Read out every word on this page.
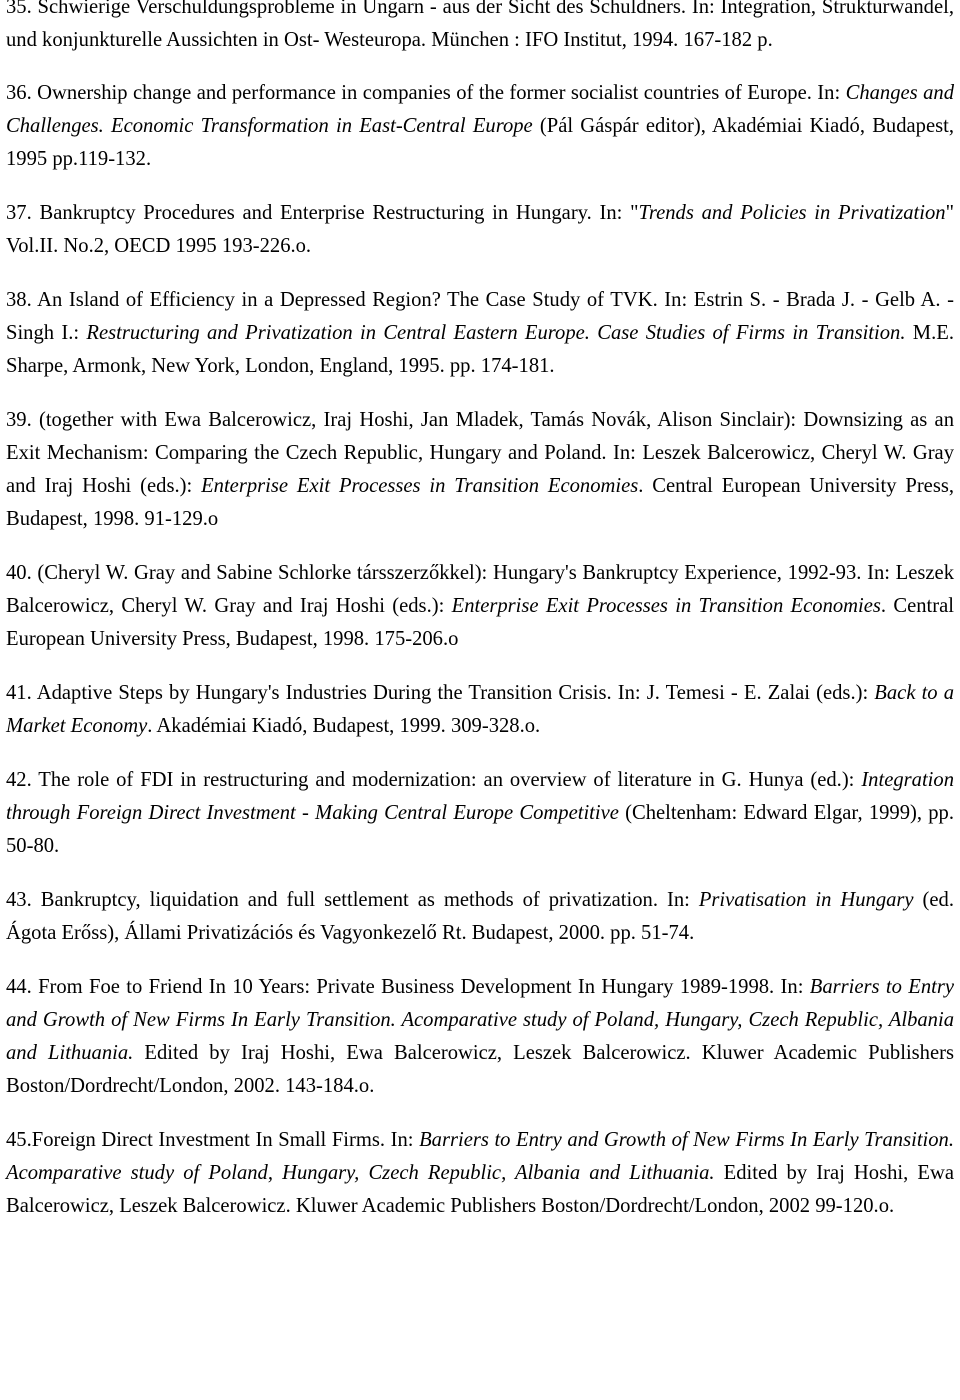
35. Schwierige Verschuldungsprobleme in Ungarn - aus der Sicht des Schuldners. In: Integration, Strukturwandel, und konjunkturelle Aussichten in Ost- Westeuropa. München : IFO Institut, 1994. 167-182 p.

36. Ownership change and performance in companies of the former socialist countries of Europe. In: Changes and Challenges. Economic Transformation in East-Central Europe (Pál Gáspár editor), Akadémiai Kiadó, Budapest, 1995 pp.119-132.

37. Bankruptcy Procedures and Enterprise Restructuring in Hungary. In: "Trends and Policies in Privatization" Vol.II. No.2, OECD 1995 193-226.o.

38. An Island of Efficiency in a Depressed Region? The Case Study of TVK. In: Estrin S. - Brada J. - Gelb A. - Singh I.: Restructuring and Privatization in Central Eastern Europe. Case Studies of Firms in Transition. M.E. Sharpe, Armonk, New York, London, England, 1995. pp. 174-181.

39. (together with Ewa Balcerowicz, Iraj Hoshi, Jan Mladek, Tamás Novák, Alison Sinclair): Downsizing as an Exit Mechanism: Comparing the Czech Republic, Hungary and Poland. In: Leszek Balcerowicz, Cheryl W. Gray and Iraj Hoshi (eds.): Enterprise Exit Processes in Transition Economies. Central European University Press, Budapest, 1998. 91-129.o

40. (Cheryl W. Gray and Sabine Schlorke társszerzőkkel): Hungary's Bankruptcy Experience, 1992-93. In: Leszek Balcerowicz, Cheryl W. Gray and Iraj Hoshi (eds.): Enterprise Exit Processes in Transition Economies. Central European University Press, Budapest, 1998. 175-206.o

41. Adaptive Steps by Hungary's Industries During the Transition Crisis. In: J. Temesi - E. Zalai (eds.): Back to a Market Economy. Akadémiai Kiadó, Budapest, 1999. 309-328.o.

42. The role of FDI in restructuring and modernization: an overview of literature in G. Hunya (ed.): Integration through Foreign Direct Investment - Making Central Europe Competitive (Cheltenham: Edward Elgar, 1999), pp. 50-80.

43. Bankruptcy, liquidation and full settlement as methods of privatization. In: Privatisation in Hungary (ed. Ágota Erőss), Állami Privatizációs és Vagyonkezelő Rt. Budapest, 2000. pp. 51-74.

44. From Foe to Friend In 10 Years: Private Business Development In Hungary 1989-1998. In: Barriers to Entry and Growth of New Firms In Early Transition. Acomparative study of Poland, Hungary, Czech Republic, Albania and Lithuania. Edited by Iraj Hoshi, Ewa Balcerowicz, Leszek Balcerowicz. Kluwer Academic Publishers Boston/Dordrecht/London, 2002. 143-184.o.

45.Foreign Direct Investment In Small Firms. In: Barriers to Entry and Growth of New Firms In Early Transition. Acomparative study of Poland, Hungary, Czech Republic, Albania and Lithuania. Edited by Iraj Hoshi, Ewa Balcerowicz, Leszek Balcerowicz. Kluwer Academic Publishers Boston/Dordrecht/London, 2002 99-120.o.
